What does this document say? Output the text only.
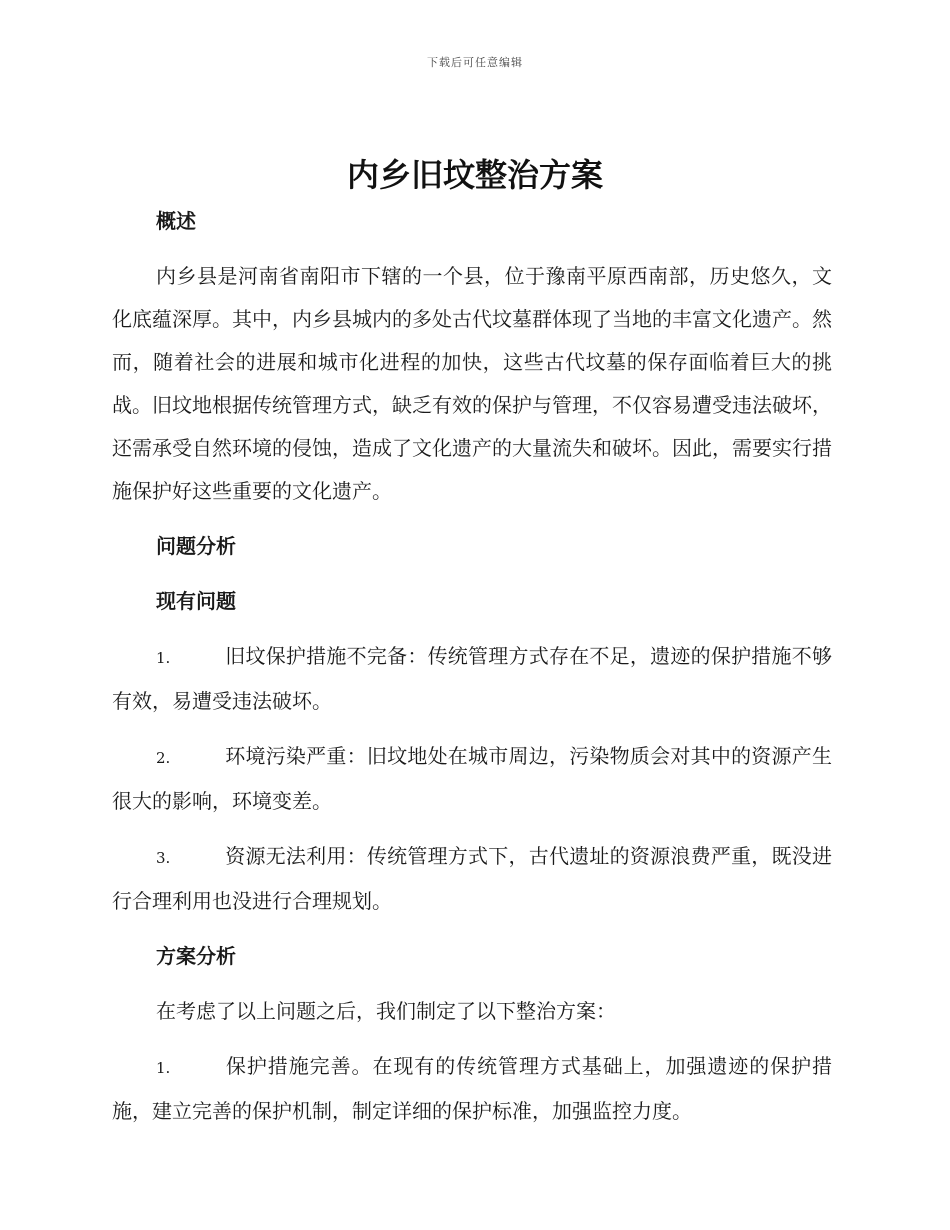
下载后可任意编辑
内乡旧坟整治方案
概述
内乡县是河南省南阳市下辖的一个县，位于豫南平原西南部，历史悠久，文化底蕴深厚。其中，内乡县城内的多处古代坟墓群体现了当地的丰富文化遗产。然而，随着社会的进展和城市化进程的加快，这些古代坟墓的保存面临着巨大的挑战。旧坟地根据传统管理方式，缺乏有效的保护与管理，不仅容易遭受违法破坏，还需承受自然环境的侵蚀，造成了文化遗产的大量流失和破坏。因此，需要实行措施保护好这些重要的文化遗产。
问题分析
现有问题
1.	旧坟保护措施不完备：传统管理方式存在不足，遗迹的保护措施不够有效，易遭受违法破坏。
2.	环境污染严重：旧坟地处在城市周边，污染物质会对其中的资源产生很大的影响，环境变差。
3.	资源无法利用：传统管理方式下，古代遗址的资源浪费严重，既没进行合理利用也没进行合理规划。
方案分析
在考虑了以上问题之后，我们制定了以下整治方案：
1.	保护措施完善。在现有的传统管理方式基础上，加强遗迹的保护措施，建立完善的保护机制，制定详细的保护标准，加强监控力度。
